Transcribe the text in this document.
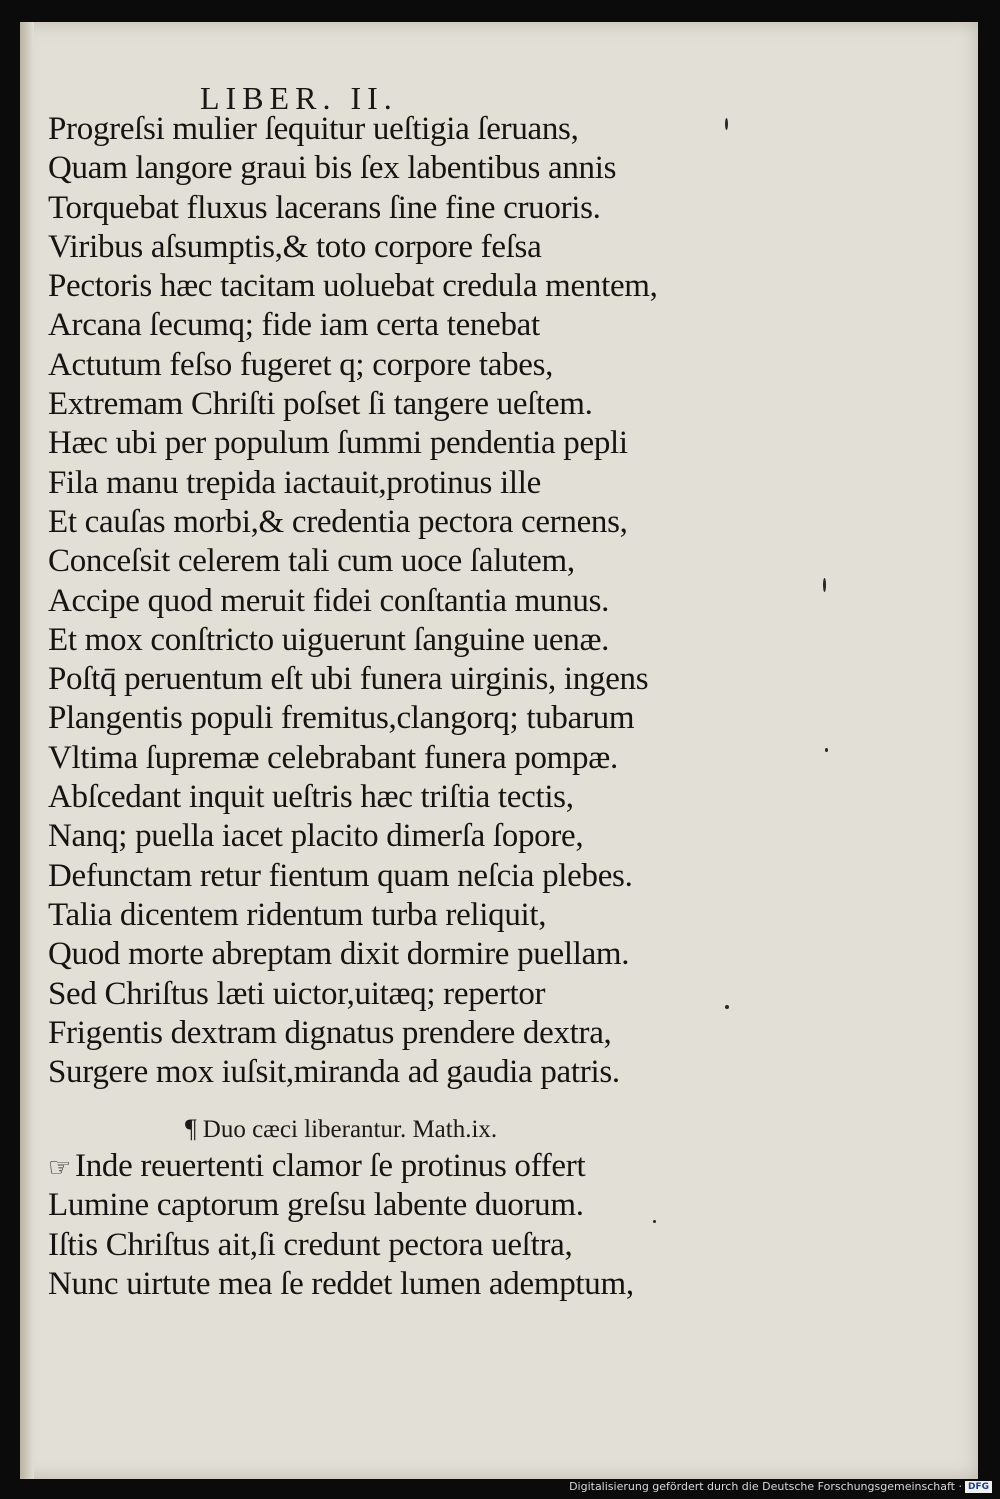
LIBER. II.
Progreſsi mulier ſequitur ueſtigia ſeruans,
Quam langore graui bis ſex labentibus annis
Torquebat fluxus lacerans ſine fine cruoris.
Viribus aſsumptis,& toto corpore feſsa
Pectoris hæc tacitam uoluebat credula mentem,
Arcana ſecumq; fide iam certa tenebat
Actutum feſso fugeret q; corpore tabes,
Extremam Chriſti poſset ſi tangere ueſtem.
Hæc ubi per populum ſummi pendentia pepli
Fila manu trepida iactauit,protinus ille
Et cauſas morbi,& credentia pectora cernens,
Conceſsit celerem tali cum uoce ſalutem,
Accipe quod meruit fidei conſtantia munus.
Et mox conſtricto uiguerunt ſanguine uenæ.
Poſtq̄ peruentum eſt ubi funera uirginis, ingens
Plangentis populi fremitus,clangorq; tubarum
Vltima ſupremæ celebrabant funera pompæ.
Abſcedant inquit ueſtris hæc triſtia tectis,
Nanq; puella iacet placito dimerſa ſopore,
Defunctam retur fientum quam neſcia plebes.
Talia dicentem ridentum turba reliquit,
Quod morte abreptam dixit dormire puellam.
Sed Chriſtus læti uictor,uitæq; repertor
Frigentis dextram dignatus prendere dextra,
Surgere mox iuſsit,miranda ad gaudia patris.
¶ Duo cæci liberantur. Math.ix.
☞ Inde reuertenti clamor ſe protinus offert
Lumine captorum greſsu labente duorum.
Iſtis Chriſtus ait,ſi credunt pectora ueſtra,
Nunc uirtute mea ſe reddet lumen ademptum,
Digitalisierung gefördert durch die Deutsche Forschungsgemeinschaft · DFG
